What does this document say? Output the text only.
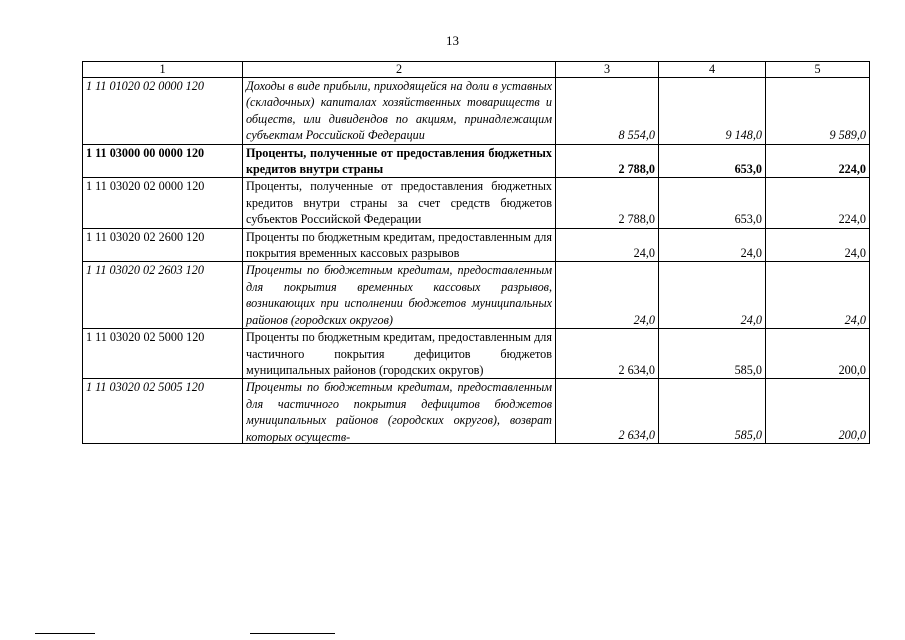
13
1	2	3	4	5
1 11 01020 02 0000 120	Доходы в виде прибыли, приходящейся на доли в уставных (складочных) капиталах хозяйственных товариществ и обществ, или дивидендов по акциям, принадлежащим субъектам Российской Федерации	8 554,0	9 148,0	9 589,0
1 11 03000 00 0000 120	Проценты, полученные от предоставления бюджетных кредитов внутри страны	2 788,0	653,0	224,0
1 11 03020 02 0000 120	Проценты, полученные от предоставления бюджетных кредитов внутри страны за счет средств бюджетов субъектов Российской Федерации	2 788,0	653,0	224,0
1 11 03020 02 2600 120	Проценты по бюджетным кредитам, предоставленным для покрытия временных кассовых разрывов	24,0	24,0	24,0
1 11 03020 02 2603 120	Проценты по бюджетным кредитам, предоставленным для покрытия временных кассовых разрывов, возникающих при исполнении бюджетов муниципальных районов (городских округов)	24,0	24,0	24,0
1 11 03020 02 5000 120	Проценты по бюджетным кредитам, предоставленным для частичного покрытия дефицитов бюджетов муниципальных районов (городских округов)	2 634,0	585,0	200,0
1 11 03020 02 5005 120	Проценты по бюджетным кредитам, предоставленным для частичного покрытия дефицитов бюджетов муниципальных районов (городских округов), возврат которых осуществ-	2 634,0	585,0	200,0
